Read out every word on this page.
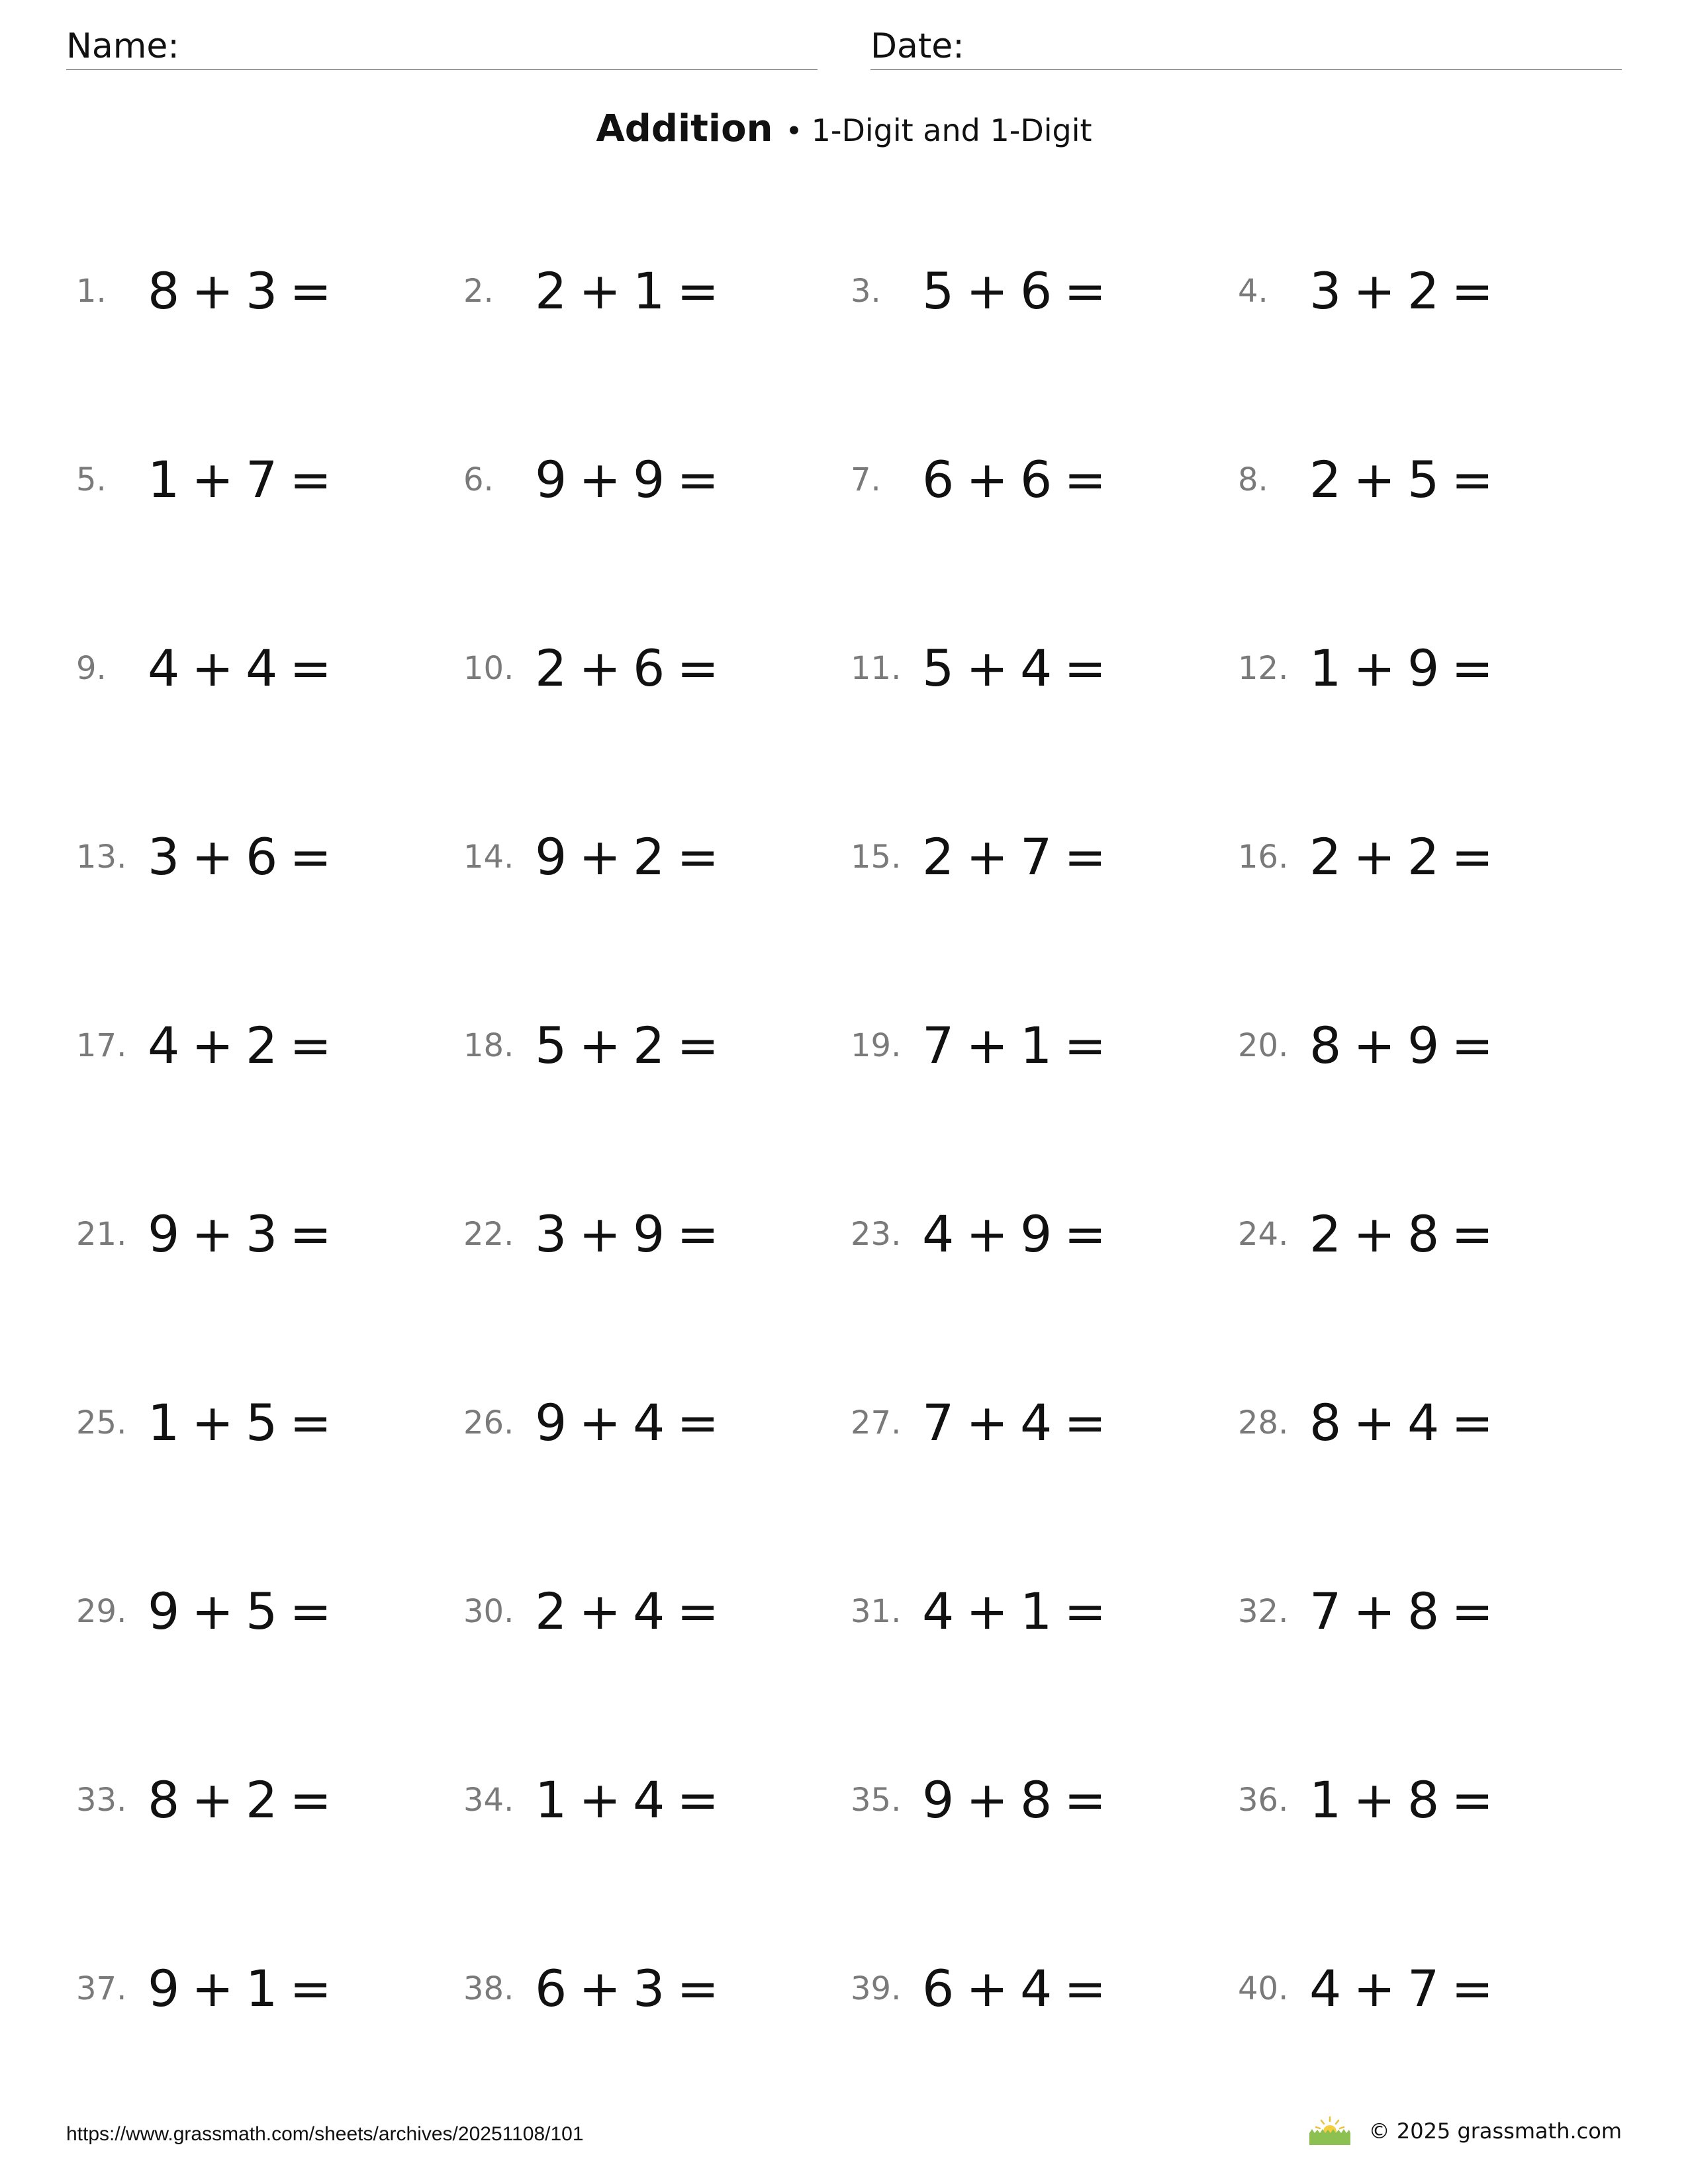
Name:	Date:
Addition • 1-Digit and 1-Digit
1. 8 + 3 =	2. 2 + 1 =	3. 5 + 6 =	4. 3 + 2 =
5. 1 + 7 =	6. 9 + 9 =	7. 6 + 6 =	8. 2 + 5 =
9. 4 + 4 =	10. 2 + 6 =	11. 5 + 4 =	12. 1 + 9 =
13. 3 + 6 =	14. 9 + 2 =	15. 2 + 7 =	16. 2 + 2 =
17. 4 + 2 =	18. 5 + 2 =	19. 7 + 1 =	20. 8 + 9 =
21. 9 + 3 =	22. 3 + 9 =	23. 4 + 9 =	24. 2 + 8 =
25. 1 + 5 =	26. 9 + 4 =	27. 7 + 4 =	28. 8 + 4 =
29. 9 + 5 =	30. 2 + 4 =	31. 4 + 1 =	32. 7 + 8 =
33. 8 + 2 =	34. 1 + 4 =	35. 9 + 8 =	36. 1 + 8 =
37. 9 + 1 =	38. 6 + 3 =	39. 6 + 4 =	40. 4 + 7 =
https://www.grassmath.com/sheets/archives/20251108/101	© 2025 grassmath.com
